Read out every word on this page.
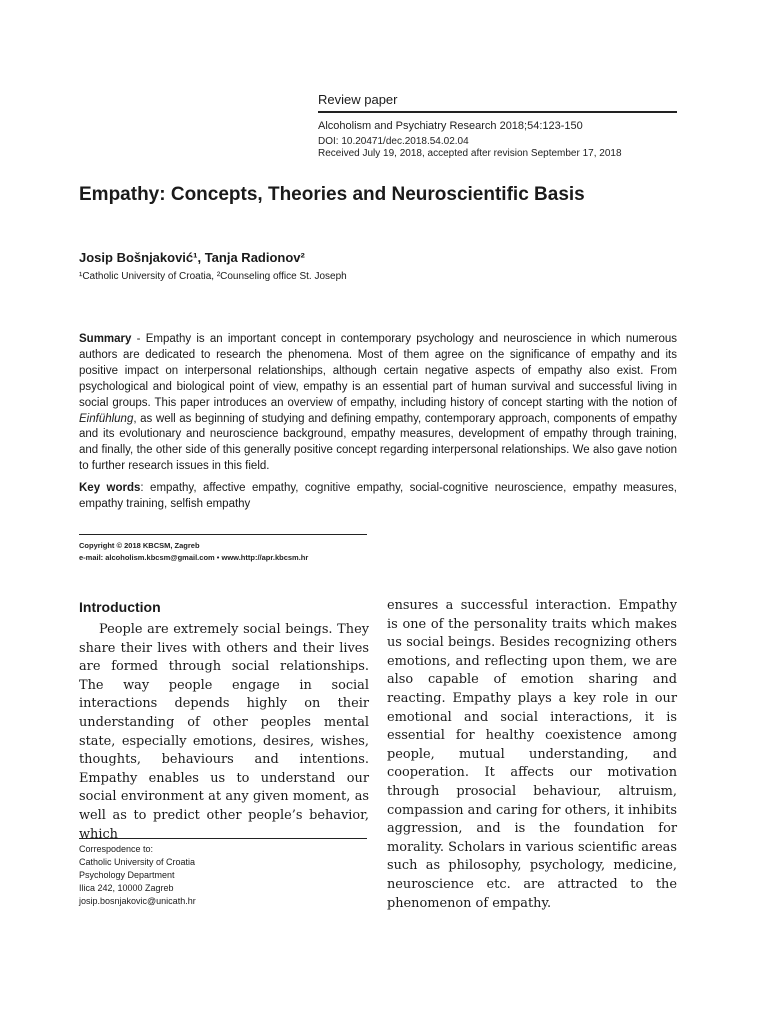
Review paper
Alcoholism and Psychiatry Research 2018;54:123-150
DOI: 10.20471/dec.2018.54.02.04
Received July 19, 2018, accepted after revision September 17, 2018
Empathy: Concepts, Theories and Neuroscientific Basis
Josip Bošnjaković¹, Tanja Radionov²
¹Catholic University of Croatia, ²Counseling office St. Joseph

Summary - Empathy is an important concept in contemporary psychology and neuroscience in which numerous authors are dedicated to research the phenomena. Most of them agree on the significance of empathy and its positive impact on interpersonal relationships, although certain negative aspects of empathy also exist. From psychological and biological point of view, empathy is an essential part of human survival and successful living in social groups. This paper introduces an overview of empathy, including history of concept starting with the notion of Einfühlung, as well as beginning of studying and defining empathy, contemporary approach, components of empathy and its evolutionary and neuroscience background, empathy measures, development of empathy through training, and finally, the other side of this generally positive concept regarding interpersonal relationships. We also gave notion to further research issues in this field.

Key words: empathy, affective empathy, cognitive empathy, social-cognitive neuroscience, empathy measures, empathy training, selfish empathy

Copyright © 2018 KBCSM, Zagreb
e-mail: alcoholism.kbcsm@gmail.com • www.http://apr.kbcsm.hr
Introduction

People are extremely social beings. They share their lives with others and their lives are formed through social relationships. The way people engage in social interactions depends highly on their understanding of other peoples mental state, especially emotions, desires, wishes, thoughts, behaviours and intentions. Empathy enables us to understand our social environment at any given moment, as well as to predict other people’s behavior, which

ensures a successful interaction. Empathy is one of the personality traits which makes us social beings. Besides recognizing others emotions, and reflecting upon them, we are also capable of emotion sharing and reacting. Empathy plays a key role in our emotional and social interactions, it is essential for healthy coexistence among people, mutual understanding, and cooperation. It affects our motivation through prosocial behaviour, altruism, compassion and caring for others, it inhibits aggression, and is the foundation for morality. Scholars in various scientific areas such as philosophy, psychology, medicine, neuroscience etc. are attracted to the phenomenon of empathy.

Correspodence to:
Catholic University of Croatia
Psychology Department
Ilica 242, 10000 Zagreb
josip.bosnjakovic@unicath.hr
